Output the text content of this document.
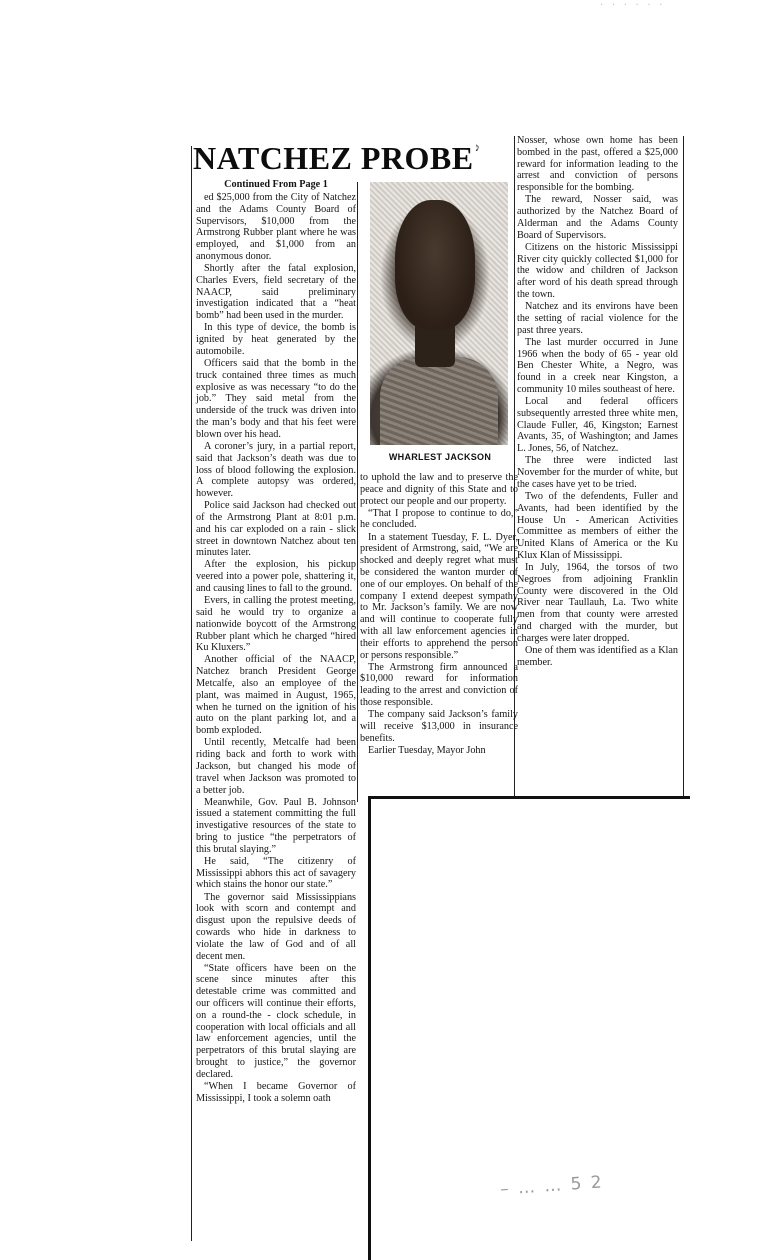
· · · · · ·
NATCHEZ PROBE
♪
Continued From Page 1

ed $25,000 from the City of Natchez and the Adams County Board of Supervisors, $10,000 from the Armstrong Rubber plant where he was employed, and $1,000 from an anonymous donor.

Shortly after the fatal explosion, Charles Evers, field secretary of the NAACP, said preliminary investigation indicated that a “heat bomb” had been used in the murder.

In this type of device, the bomb is ignited by heat generated by the automobile.

Officers said that the bomb in the truck contained three times as much explosive as was necessary “to do the job.” They said metal from the underside of the truck was driven into the man’s body and that his feet were blown over his head.

A coroner’s jury, in a partial report, said that Jackson’s death was due to loss of blood following the explosion. A complete autopsy was ordered, however.

Police said Jackson had checked out of the Armstrong Plant at 8:01 p.m. and his car exploded on a rain - slick street in downtown Natchez about ten minutes later.

After the explosion, his pickup veered into a power pole, shattering it, and causing lines to fall to the ground.

Evers, in calling the protest meeting, said he would try to organize a nationwide boycott of the Armstrong Rubber plant which he charged “hired Ku Kluxers.”

Another official of the NAACP, Natchez branch President George Metcalfe, also an employee of the plant, was maimed in August, 1965, when he turned on the ignition of his auto on the plant parking lot, and a bomb exploded.

Until recently, Metcalfe had been riding back and forth to work with Jackson, but changed his mode of travel when Jackson was promoted to a better job.

Meanwhile, Gov. Paul B. Johnson issued a statement committing the full investigative resources of the state to bring to justice “the perpetrators of this brutal slaying.”

He said, “The citizenry of Mississippi abhors this act of savagery which stains the honor our state.”

The governor said Mississippians look with scorn and contempt and disgust upon the repulsive deeds of cowards who hide in darkness to violate the law of God and of all decent men.

“State officers have been on the scene since minutes after this detestable crime was committed and our officers will continue their efforts, on a round-the - clock schedule, in cooperation with local officials and all law enforcement agencies, until the perpetrators of this brutal slaying are brought to justice,” the governor declared.

“When I became Governor of Mississippi, I took a solemn oath

WHARLEST JACKSON

to uphold the law and to preserve the peace and dignity of this State and to protect our people and our property.

“That I propose to continue to do,” he concluded.

In a statement Tuesday, F. L. Dyer, president of Armstrong, said, “We are shocked and deeply regret what must be considered the wanton murder of one of our employes. On behalf of the company I extend deepest sympathy to Mr. Jackson’s family. We are now and will continue to cooperate fully with all law enforcement agencies in their efforts to apprehend the person or persons responsible.”

The Armstrong firm announced a $10,000 reward for information leading to the arrest and conviction of those responsible.

The company said Jackson’s family will receive $13,000 in insurance benefits.

Earlier Tuesday, Mayor John

Nosser, whose own home has been bombed in the past, offered a $25,000 reward for information leading to the arrest and conviction of persons responsible for the bombing.

The reward, Nosser said, was authorized by the Natchez Board of Alderman and the Adams County Board of Supervisors.

Citizens on the historic Mississippi River city quickly collected $1,000 for the widow and children of Jackson after word of his death spread through the town.

Natchez and its environs have been the setting of racial violence for the past three years.

The last murder occurred in June 1966 when the body of 65 - year old Ben Chester White, a Negro, was found in a creek near Kingston, a community 10 miles southeast of here.

Local and federal officers subsequently arrested three white men, Claude Fuller, 46, Kingston; Earnest Avants, 35, of Washington; and James L. Jones, 56, of Natchez.

The three were indicted last November for the murder of white, but the cases have yet to be tried.

Two of the defendents, Fuller and Avants, had been identified by the House Un - American Activities Committee as members of either the United Klans of America or the Ku Klux Klan of Mississippi.

In July, 1964, the torsos of two Negroes from adjoining Franklin County were discovered in the Old River near Taullauh, La. Two white men from that county were arrested and charged with the murder, but charges were later dropped.

One of them was identified as a Klan member.

– … … 5 2
